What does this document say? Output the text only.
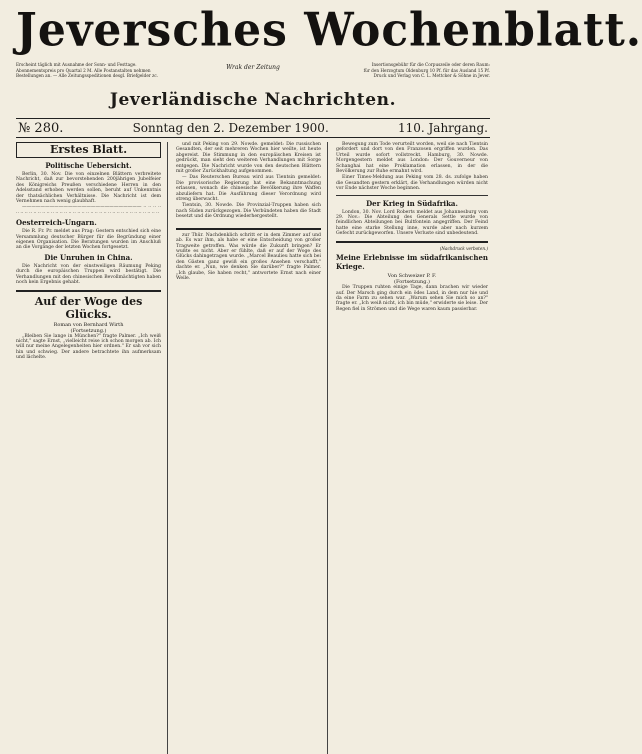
Jeversches Wochenblatt.
Erscheint täglich mit Ausnahme der Sonn- und Festtage.
Abonnementspreis pro Quartal 2 M. Alle Postanstalten nehmen
Bestellungen an. — Alle Zeitungsspeditionen desgl. Briefgelder zc.
Wrak der Zeitung	Insertionsgebühr für die Corpuszeile oder deren Raum:
für den Herzogtum Oldenburg 10 Pf. für das Ausland 15 Pf.
Druck und Verlag von C. L. Mettcker & Söhne in Jever.
Jeverländische Nachrichten.
№ 280.	Sonntag den 2. Dezember 1900.	110. Jahrgang.
Erstes Blatt.
Politische Uebersicht.

Berlin, 30. Nov. Die von einzelnen Blättern verbreitete Nachricht, daß zur bevorstehenden 200jährigen Jubelfeier des Königreichs Preußen verschiedene Herren in den Adelsstand erhoben werden sollen, beruht auf Unkenntnis der thatsächlichen Verhältnisse. Die Nachricht ist dem Vernehmen nach wenig glaubhaft.

—————————————————————————— ·· ·· ·· ·· ·· ·· ·· ·· ·· ·· ·· ·· ·· ·· ·· ·· ·· ·· ·· ·· ·· ·· ·· ·· ·· ·· ·· ·· ·· ·· ·· ·· ·· ·· ·· ·· ··

Oesterreich-Ungarn.

Die R. Fr. Pr. meldet aus Prag: Gestern entschied sich eine Versammlung deutscher Bürger für die Begründung einer eigenen Organisation. Die Beratungen wurden im Anschluß an die Vorgänge der letzten Wochen fortgesetzt.

Die Unruhen in China.

Die Nachricht von der einstweiligen Räumung Peking durch die europäischen Truppen wird bestätigt. Die Verhandlungen mit den chinesischen Bevollmächtigten haben noch kein Ergebnis gehabt.

Auf der Woge des Glücks.
Roman von Bernhard Wirth
(Fortsetzung.)

„Bleiben Sie lange in München?" fragte Palmer. „Ich weiß nicht," sagte Ernst, „vielleicht reise ich schon morgen ab. Ich will nur meine Angelegenheiten hier ordnen." Er sah vor sich hin und schwieg. Der andere betrachtete ihn aufmerksam und lächelte.

und mit Peking von 29. Nowde. gemeldet: Die russischen Gesandten, der seit mehreren Wochen hier weilte, ist heute abgereist. Die Stimmung in den europäischen Kreisen ist gedrückt, man sieht den weiteren Verhandlungen mit Sorge entgegen. Die Nachricht wurde von den deutschen Blättern mit großer Zurückhaltung aufgenommen.

— Das Reuterschen Bureau wird aus Tientsin gemeldet: Die provisorische Regierung hat eine Bekanntmachung erlassen, wonach die chinesische Bevölkerung ihre Waffen abzuliefern hat. Die Ausführung dieser Verordnung wird streng überwacht.

Tientsin, 30. Nowde. Die Provinzial-Truppen haben sich nach Süden zurückgezogen. Die Verbündeten haben die Stadt besetzt und die Ordnung wiederhergestellt.

zur Thür. Nachdenklich schritt er in dem Zimmer auf und ab. Es war ihm, als habe er eine Entscheidung von großer Tragweite getroffen. Was würde die Zukunft bringen? Er wußte es nicht. Aber er fühlte, daß er auf der Woge des Glücks dahingetragen wurde. „Marcel Beaulieu hatte sich bei den Gästen ganz gewiß ein großes Ansehen verschafft," dachte er. „Nun, wie denken Sie darüber?" fragte Palmer. „Ich glaube, Sie haben recht," antwortete Ernst nach einer Weile.

Bewegung zum Tode verurteilt worden, weil sie nach Tientsin gefordert und dort von den Franzosen ergriffen wurden. Das Urteil wurde sofort vollstreckt. Hamburg, 30. Nowde. Morgengestern meldet aus London: Der Gouverneur von Schanghai hat eine Proklamation erlassen, in der die Bevölkerung zur Ruhe ermahnt wird.

Einer Times-Meldung aus Peking vom 28. ds. zufolge haben die Gesandten gestern erklärt, die Verhandlungen würden nicht vor Ende nächster Woche beginnen.

Der Krieg in Südafrika.

London, 30. Nov. Lord Roberts meldet aus Johannesburg vom 29. Nov.: Die Abteilung des Generals Settle wurde von feindlichen Abteilungen bei Bultfontein angegriffen. Der Feind hatte eine starke Stellung inne, wurde aber nach kurzem Gefecht zurückgeworfen. Unsere Verluste sind unbedeutend.

(Nachdruck verboten.)
Meine Erlebnisse im südafrikanischen Kriege.
Von Schweizer P. F.
(Fortsetzung.)

Die Truppen ruhten einige Tage, dann brachen wir wieder auf. Der Marsch ging durch ein ödes Land, in dem nur hie und da eine Farm zu sehen war. „Warum sehen Sie mich so an?" fragte er. „Ich weiß nicht, ich bin müde," erwiderte sie leise. Der Regen fiel in Strömen und die Wege waren kaum passierbar.
